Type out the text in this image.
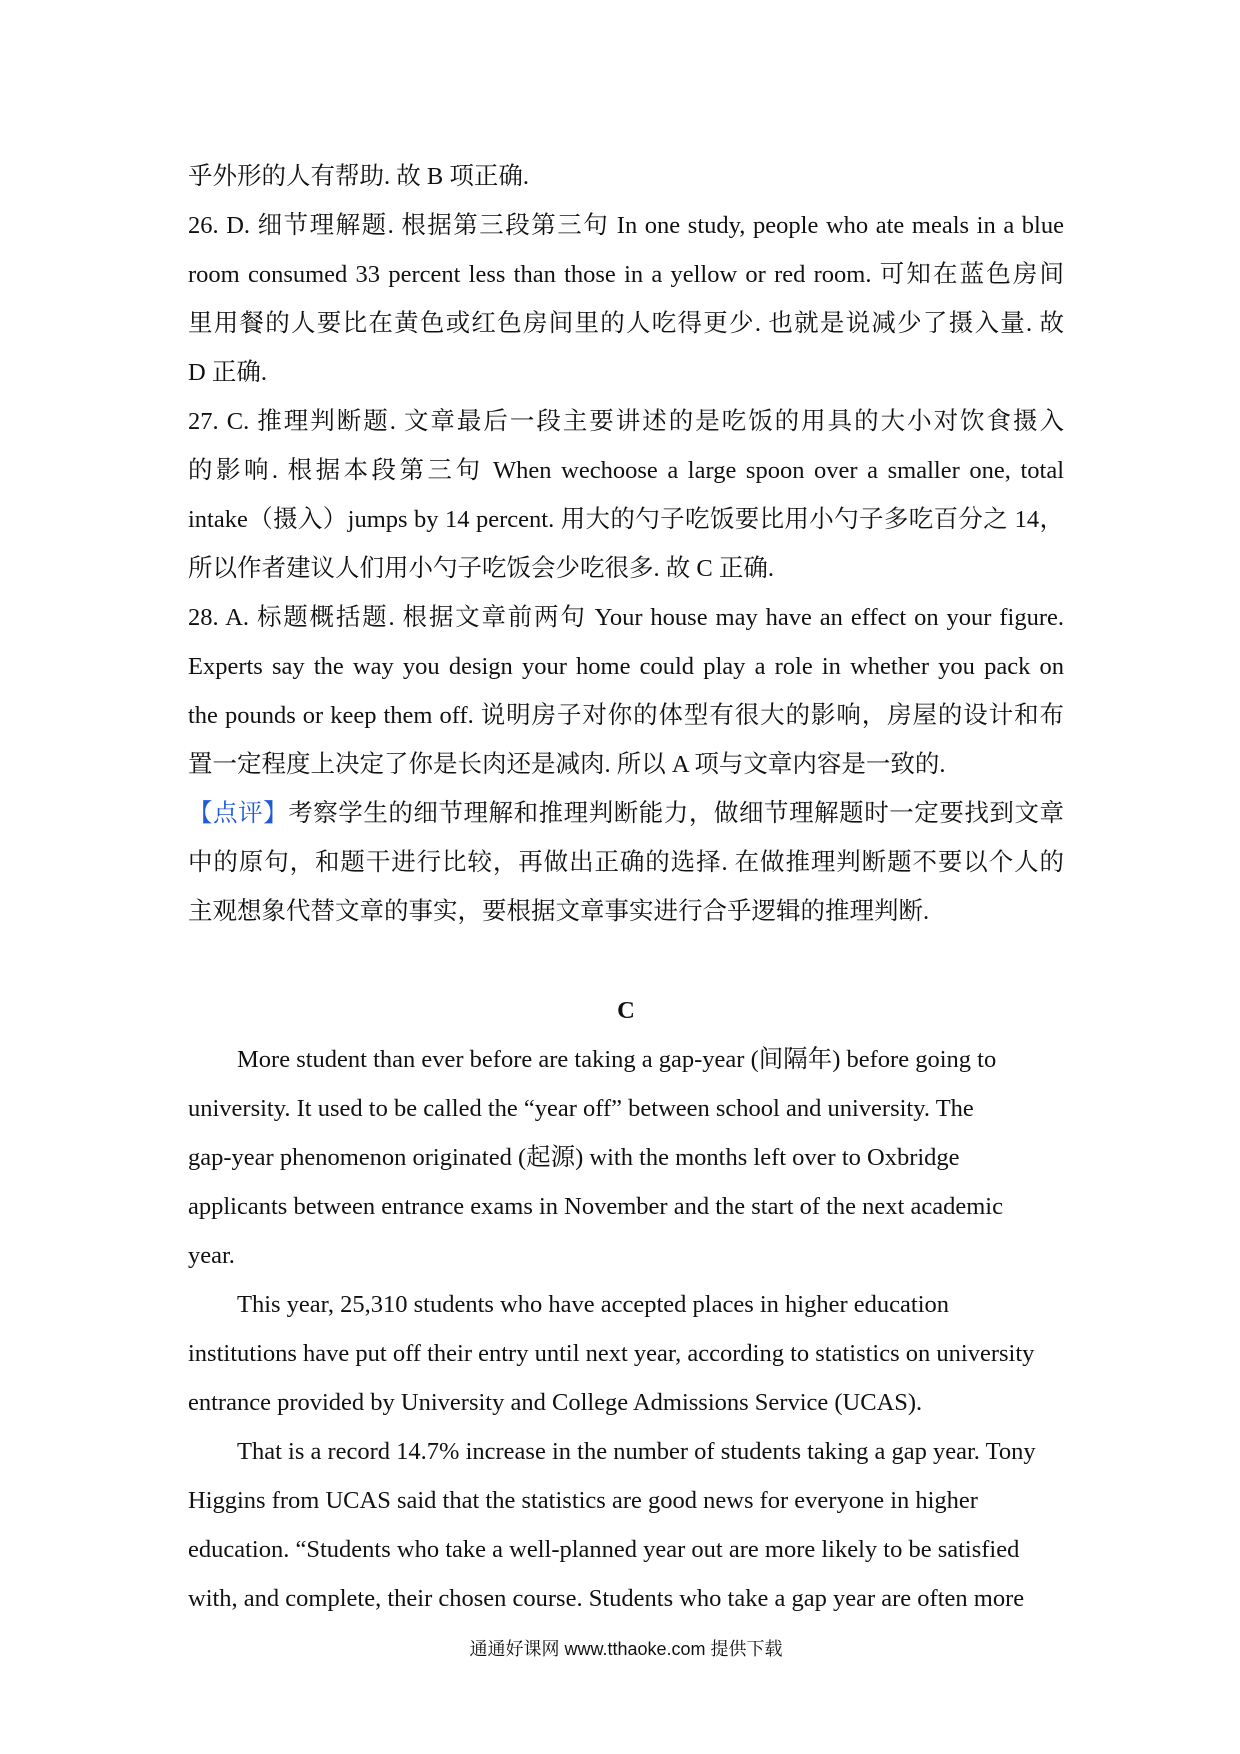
乎外形的人有帮助. 故 B 项正确.
26. D. 细节理解题. 根据第三段第三句 In one study, people who ate meals in a blue
room consumed 33 percent less than those in a yellow or red room. 可知在蓝色房间
里用餐的人要比在黄色或红色房间里的人吃得更少. 也就是说减少了摄入量. 故
D 正确.
27. C. 推理判断题. 文章最后一段主要讲述的是吃饭的用具的大小对饮食摄入
的影响. 根据本段第三句 When wechoose a large spoon over a smaller one, total
intake（摄入）jumps by 14 percent. 用大的勺子吃饭要比用小勺子多吃百分之 14，
所以作者建议人们用小勺子吃饭会少吃很多. 故 C 正确.
28. A. 标题概括题. 根据文章前两句 Your house may have an effect on your figure.
Experts say the way you design your home could play a role in whether you pack on
the pounds or keep them off. 说明房子对你的体型有很大的影响，房屋的设计和布
置一定程度上决定了你是长肉还是减肉. 所以 A 项与文章内容是一致的.
【点评】考察学生的细节理解和推理判断能力，做细节理解题时一定要找到文章
中的原句，和题干进行比较，再做出正确的选择. 在做推理判断题不要以个人的
主观想象代替文章的事实，要根据文章事实进行合乎逻辑的推理判断.
C
More student than ever before are taking a gap-year (间隔年) before going to
university. It used to be called the “year off” between school and university. The
gap-year phenomenon originated (起源) with the months left over to Oxbridge
applicants between entrance exams in November and the start of the next academic
year.
This year, 25,310 students who have accepted places in higher education
institutions have put off their entry until next year, according to statistics on university
entrance provided by University and College Admissions Service (UCAS).
That is a record 14.7% increase in the number of students taking a gap year. Tony
Higgins from UCAS said that the statistics are good news for everyone in higher
education. “Students who take a well-planned year out are more likely to be satisfied
with, and complete, their chosen course. Students who take a gap year are often more
通通好课网 www.tthaoke.com 提供下载
